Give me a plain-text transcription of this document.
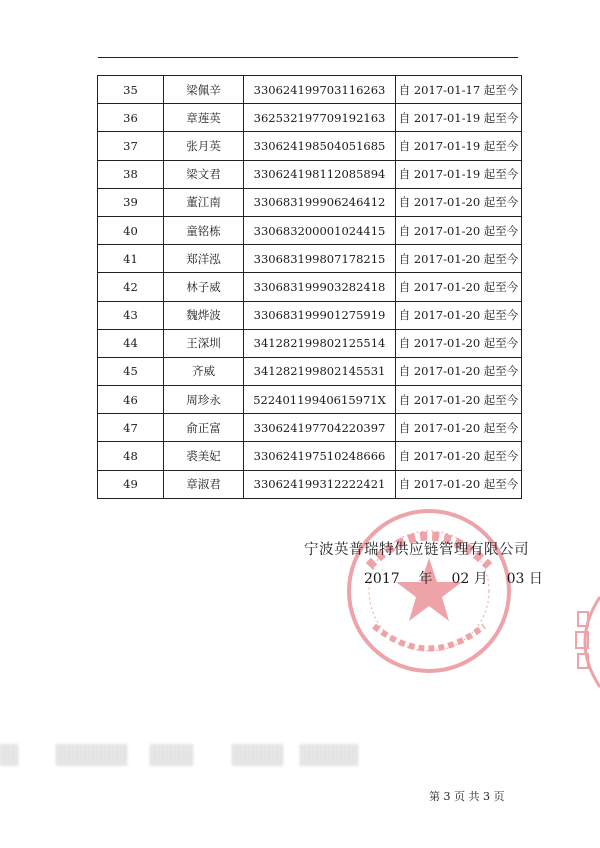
35	梁佩辛	330624199703116263	自 2017-01-17 起至今
36	章莲英	362532197709192163	自 2017-01-19 起至今
37	张月英	330624198504051685	自 2017-01-19 起至今
38	梁文君	330624198112085894	自 2017-01-19 起至今
39	董江南	330683199906246412	自 2017-01-20 起至今
40	童铭栋	330683200001024415	自 2017-01-20 起至今
41	郑洋泓	330683199807178215	自 2017-01-20 起至今
42	林子威	330683199903282418	自 2017-01-20 起至今
43	魏烨波	330683199901275919	自 2017-01-20 起至今
44	王深圳	341282199802125514	自 2017-01-20 起至今
45	齐威	341282199802145531	自 2017-01-20 起至今
46	周珍永	52240119940615971X	自 2017-01-20 起至今
47	俞正富	330624197704220397	自 2017-01-20 起至今
48	裘美妃	330624197510248666	自 2017-01-20 起至今
49	章淑君	330624199312222421	自 2017-01-20 起至今
宁波英普瑞特供应链管理有限公司
2017 年 02 月 03 日
第 3 页 共 3 页
